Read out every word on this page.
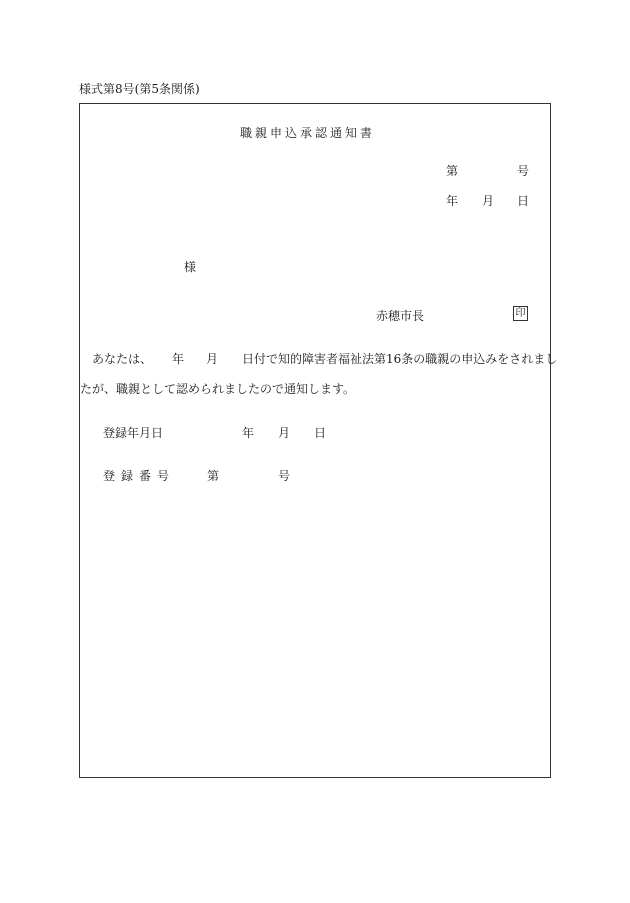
様式第8号(第5条関係)
職親申込承認通知書
第	号
年 月 日
様
赤穂市長	印
あなたは、 年 月 日付で知的障害者福祉法第16条の職親の申込みをされまし
たが、職親として認められましたので通知します。
登録年月日	年 月 日
登録番号	第	号
